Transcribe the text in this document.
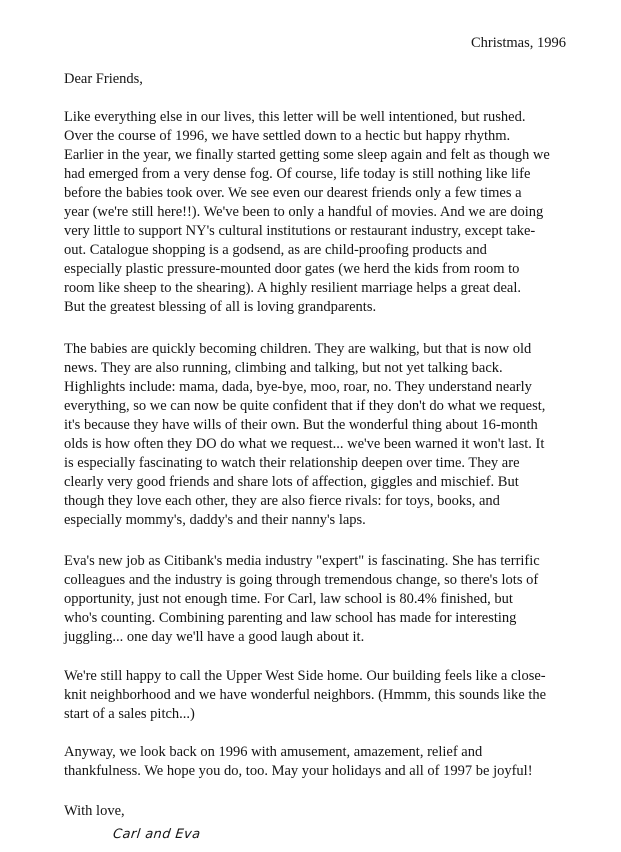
Christmas, 1996
Dear Friends,
Like everything else in our lives, this letter will be well intentioned, but rushed.
Over the course of 1996, we have settled down to a hectic but happy rhythm.
Earlier in the year, we finally started getting some sleep again and felt as though we
had emerged from a very dense fog. Of course, life today is still nothing like life
before the babies took over. We see even our dearest friends only a few times a
year (we're still here!!). We've been to only a handful of movies. And we are doing
very little to support NY's cultural institutions or restaurant industry, except take-
out. Catalogue shopping is a godsend, as are child-proofing products and
especially plastic pressure-mounted door gates (we herd the kids from room to
room like sheep to the shearing). A highly resilient marriage helps a great deal.
But the greatest blessing of all is loving grandparents.
The babies are quickly becoming children. They are walking, but that is now old
news. They are also running, climbing and talking, but not yet talking back.
Highlights include: mama, dada, bye-bye, moo, roar, no. They understand nearly
everything, so we can now be quite confident that if they don't do what we request,
it's because they have wills of their own. But the wonderful thing about 16-month
olds is how often they DO do what we request... we've been warned it won't last. It
is especially fascinating to watch their relationship deepen over time. They are
clearly very good friends and share lots of affection, giggles and mischief. But
though they love each other, they are also fierce rivals: for toys, books, and
especially mommy's, daddy's and their nanny's laps.
Eva's new job as Citibank's media industry "expert" is fascinating. She has terrific
colleagues and the industry is going through tremendous change, so there's lots of
opportunity, just not enough time. For Carl, law school is 80.4% finished, but
who's counting. Combining parenting and law school has made for interesting
juggling... one day we'll have a good laugh about it.
We're still happy to call the Upper West Side home. Our building feels like a close-
knit neighborhood and we have wonderful neighbors. (Hmmm, this sounds like the
start of a sales pitch...)
Anyway, we look back on 1996 with amusement, amazement, relief and
thankfulness. We hope you do, too. May your holidays and all of 1997 be joyful!
With love,
Carl and Eva
